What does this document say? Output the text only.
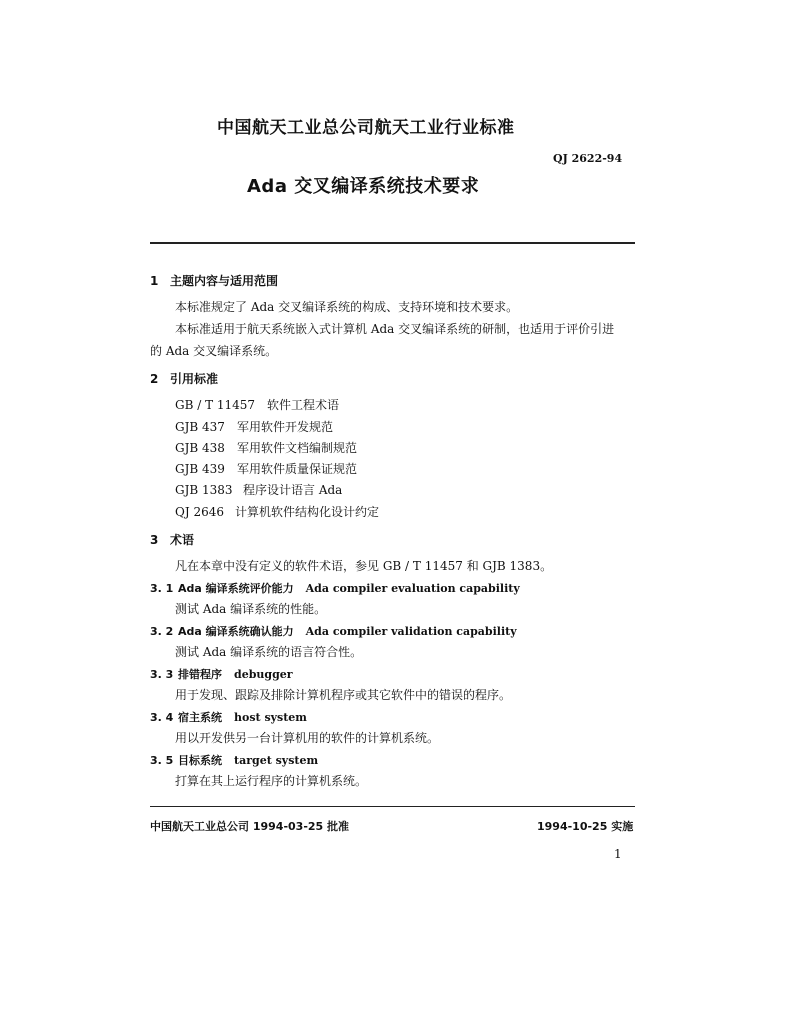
中国航天工业总公司航天工业行业标准
QJ 2622-94
Ada 交叉编译系统技术要求
1 主题内容与适用范围
本标准规定了 Ada 交叉编译系统的构成、支持环境和技术要求。
本标准适用于航天系统嵌入式计算机 Ada 交叉编译系统的研制，也适用于评价引进
的 Ada 交叉编译系统。
2 引用标准
GB / T 11457 软件工程术语
GJB 437 军用软件开发规范
GJB 438 军用软件文档编制规范
GJB 439 军用软件质量保证规范
GJB 1383 程序设计语言 Ada
QJ 2646 计算机软件结构化设计约定
3 术语
凡在本章中没有定义的软件术语，参见 GB / T 11457 和 GJB 1383。
3. 1 Ada 编译系统评价能力 Ada compiler evaluation capability
测试 Ada 编译系统的性能。
3. 2 Ada 编译系统确认能力 Ada compiler validation capability
测试 Ada 编译系统的语言符合性。
3. 3 排错程序 debugger
用于发现、跟踪及排除计算机程序或其它软件中的错误的程序。
3. 4 宿主系统 host system
用以开发供另一台计算机用的软件的计算机系统。
3. 5 目标系统 target system
打算在其上运行程序的计算机系统。
中国航天工业总公司 1994-03-25 批准	1994-10-25 实施
1
